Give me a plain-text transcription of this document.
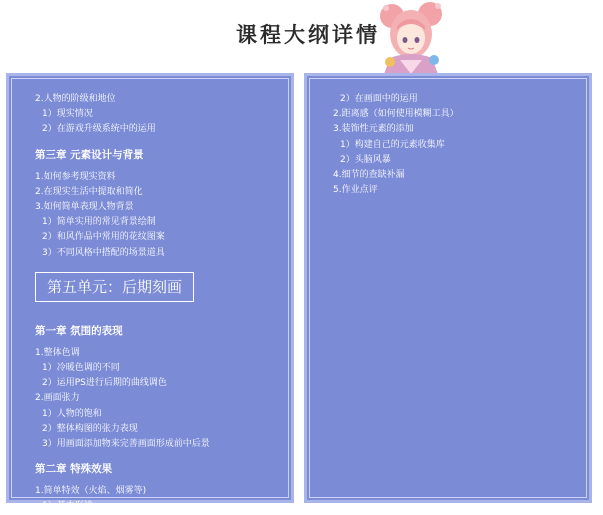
课程大纲详情
2.人物的阶级和地位
1）现实情况
2）在游戏升级系统中的运用
第三章 元素设计与背景
1.如何参考现实资料
2.在现实生活中提取和简化
3.如何简单表现人物背景
1）简单实用的常见背景绘制
2）和风作品中常用的花纹图案
3）不同风格中搭配的场景道具
第五单元：后期刻画
第一章 氛围的表现
1.整体色调
1）冷暖色调的不同
2）运用PS进行后期的曲线调色
2.画面张力
1）人物的饱和
2）整体构图的张力表现
3）用画面添加物来完善画面形成前中后景
第二章 特殊效果
1.简单特效（火焰、烟雾等)
1）基本形线
2）在画面中的运用
2.距离感（如何使用模糊工具）
3.装饰性元素的添加
1）构建自己的元素收集库
2）头脑风暴
4.细节的查缺补漏
5.作业点评
